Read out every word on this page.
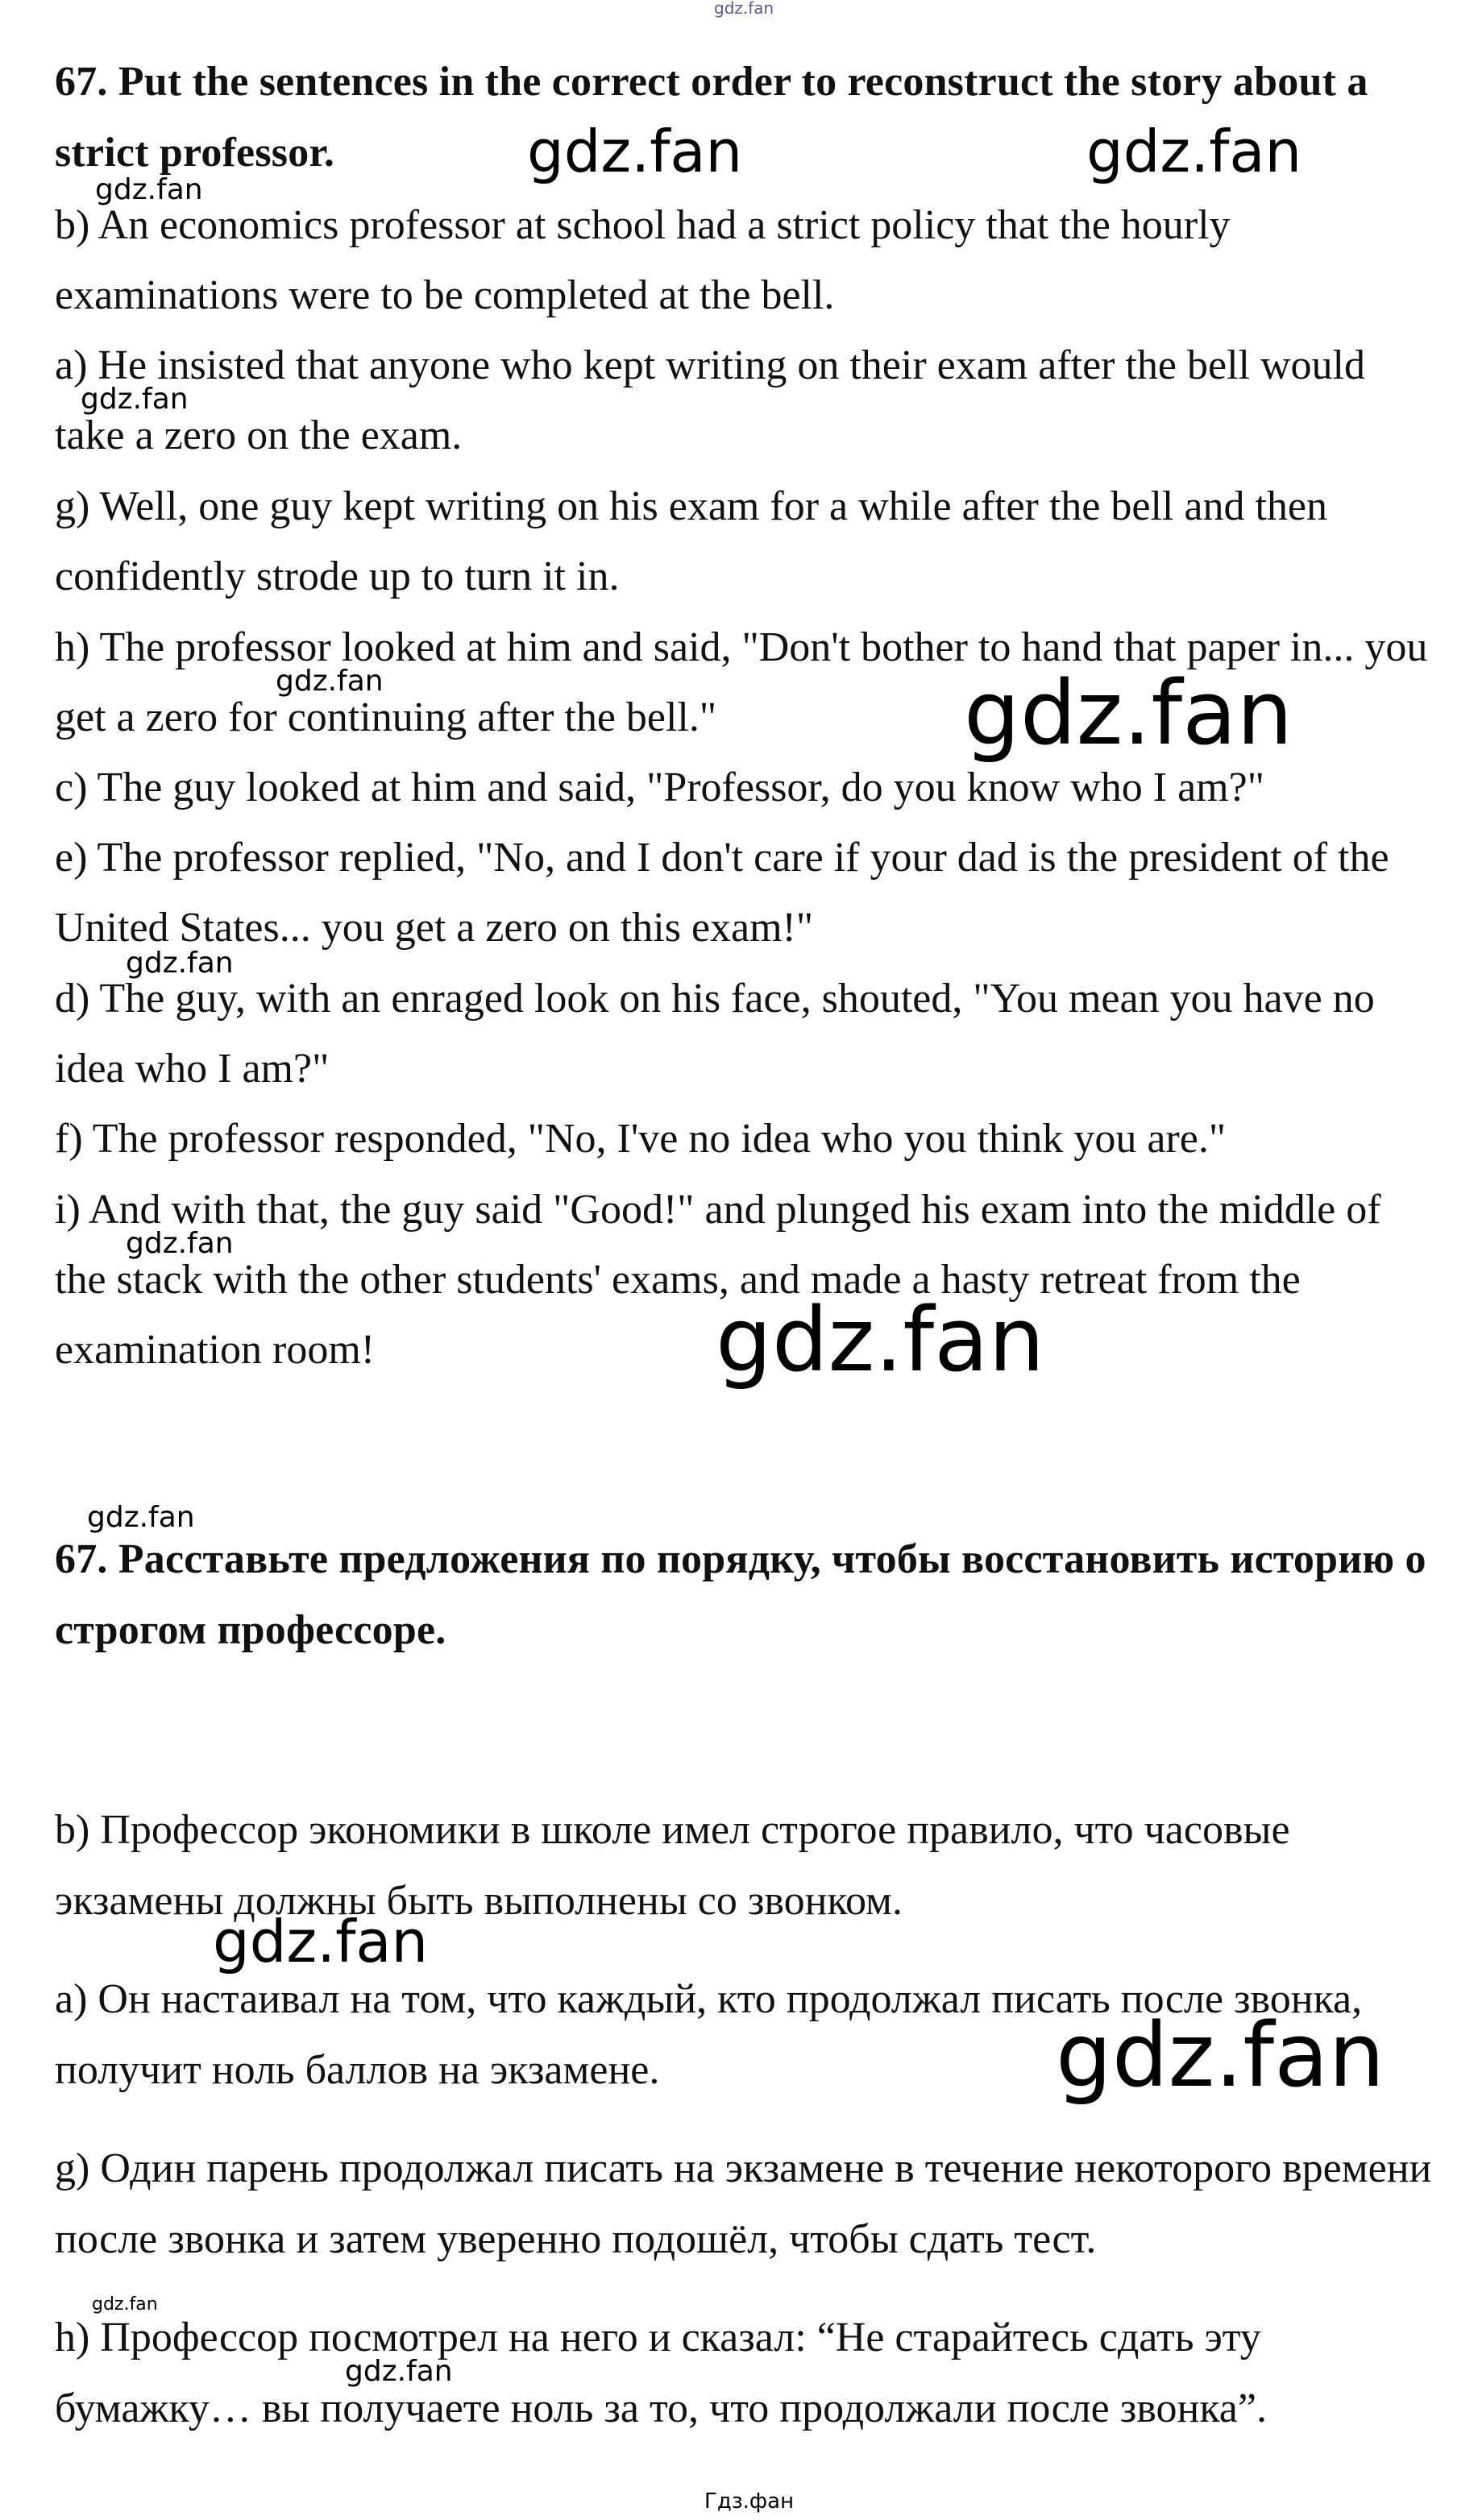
67. Put the sentences in the correct order to reconstruct the story about a strict professor.

b) An economics professor at school had a strict policy that the hourly examinations were to be completed at the bell.

a) He insisted that anyone who kept writing on their exam after the bell would take a zero on the exam.

g) Well, one guy kept writing on his exam for a while after the bell and then confidently strode up to turn it in.

h) The professor looked at him and said, "Don't bother to hand that paper in... you get a zero for continuing after the bell."

c) The guy looked at him and said, "Professor, do you know who I am?"

e) The professor replied, "No, and I don't care if your dad is the president of the United States... you get a zero on this exam!"

d) The guy, with an enraged look on his face, shouted, "You mean you have no idea who I am?"

f) The professor responded, "No, I've no idea who you think you are."

i) And with that, the guy said "Good!" and plunged his exam into the middle of the stack with the other students' exams, and made a hasty retreat from the examination room!

67. Расставьте предложения по порядку, чтобы восстановить историю о строгом профессоре.

b) Профессор экономики в школе имел строгое правило, что часовые экзамены должны быть выполнены со звонком.

a) Он настаивал на том, что каждый, кто продолжал писать после звонка, получит ноль баллов на экзамене.

g) Один парень продолжал писать на экзамене в течение некоторого времени после звонка и затем уверенно подошёл, чтобы сдать тест.

h) Профессор посмотрел на него и сказал: “Не старайтесь сдать эту бумажку… вы получаете ноль за то, что продолжали после звонка”.

gdz.fan
gdz.fan	gdz.fan
gdz.fan
gdz.fan
gdz.fan	gdz.fan
gdz.fan
gdz.fan
gdz.fan
gdz.fan
gdz.fan
gdz.fan
gdz.fan
gdz.fan
Гдз.фан
